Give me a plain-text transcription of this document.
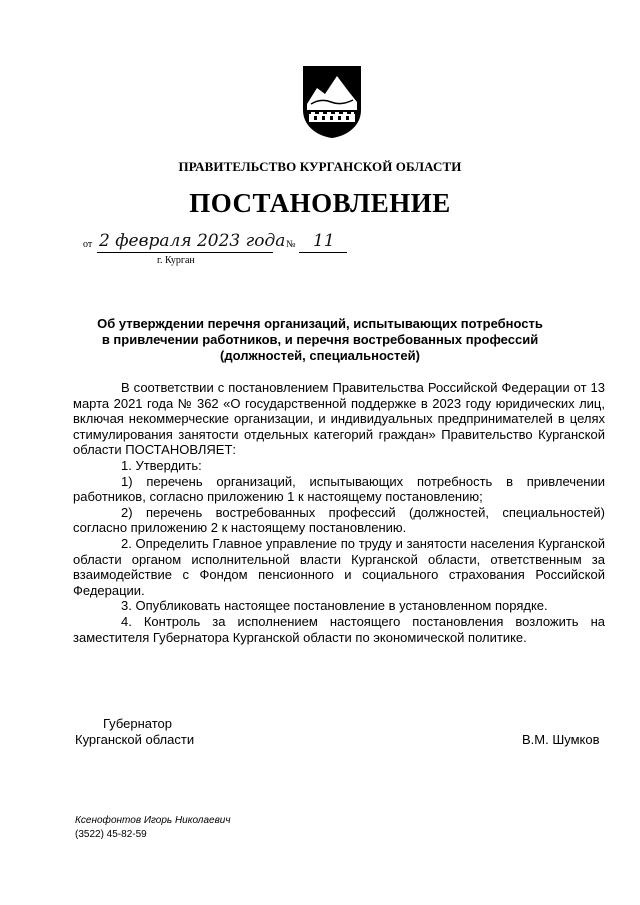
ПРАВИТЕЛЬСТВО КУРГАНСКОЙ ОБЛАСТИ
ПОСТАНОВЛЕНИЕ
от 2 февраля 2023 года № 11
г. Курган
Об утверждении перечня организаций, испытывающих потребность
в привлечении работников, и перечня востребованных профессий
(должностей, специальностей)

В соответствии с постановлением Правительства Российской Федерации от 13 марта 2021 года № 362 «О государственной поддержке в 2023 году юридических лиц, включая некоммерческие организации, и индивидуальных предпринимателей в целях стимулирования занятости отдельных категорий граждан» Правительство Курганской области ПОСТАНОВЛЯЕТ:

1. Утвердить:

1) перечень организаций, испытывающих потребность в привлечении работников, согласно приложению 1 к настоящему постановлению;

2) перечень востребованных профессий (должностей, специальностей) согласно приложению 2 к настоящему постановлению.

2. Определить Главное управление по труду и занятости населения Курганской области органом исполнительной власти Курганской области, ответственным за взаимодействие с Фондом пенсионного и социального страхования Российской Федерации.

3. Опубликовать настоящее постановление в установленном порядке.

4. Контроль за исполнением настоящего постановления возложить на заместителя Губернатора Курганской области по экономической политике.

Губернатор
Курганской области	В.М. Шумков
Ксенофонтов Игорь Николаевич
(3522) 45-82-59
